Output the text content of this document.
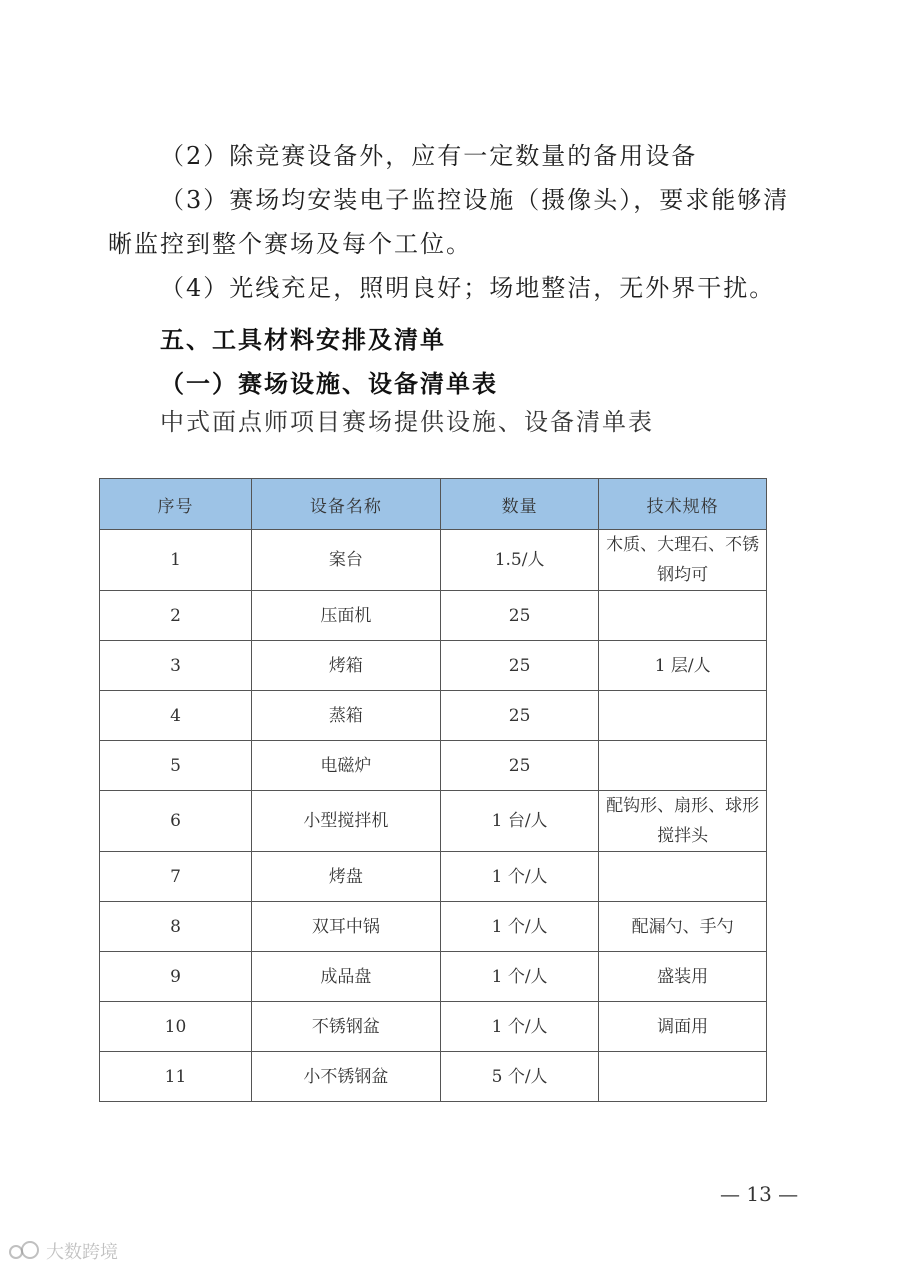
（2）除竞赛设备外，应有一定数量的备用设备
（3）赛场均安装电子监控设施（摄像头），要求能够清晰监控到整个赛场及每个工位。
（4）光线充足，照明良好；场地整洁，无外界干扰。
五、工具材料安排及清单
（一）赛场设施、设备清单表
中式面点师项目赛场提供设施、设备清单表
序号	设备名称	数量	技术规格
1	案台	1.5/人	木质、大理石、不锈钢均可
2	压面机	25	
3	烤箱	25	1 层/人
4	蒸箱	25	
5	电磁炉	25	
6	小型搅拌机	1 台/人	配钩形、扇形、球形搅拌头
7	烤盘	1 个/人	
8	双耳中锅	1 个/人	配漏勺、手勺
9	成品盘	1 个/人	盛装用
10	不锈钢盆	1 个/人	调面用
11	小不锈钢盆	5 个/人	
— 13 —
大数跨境
